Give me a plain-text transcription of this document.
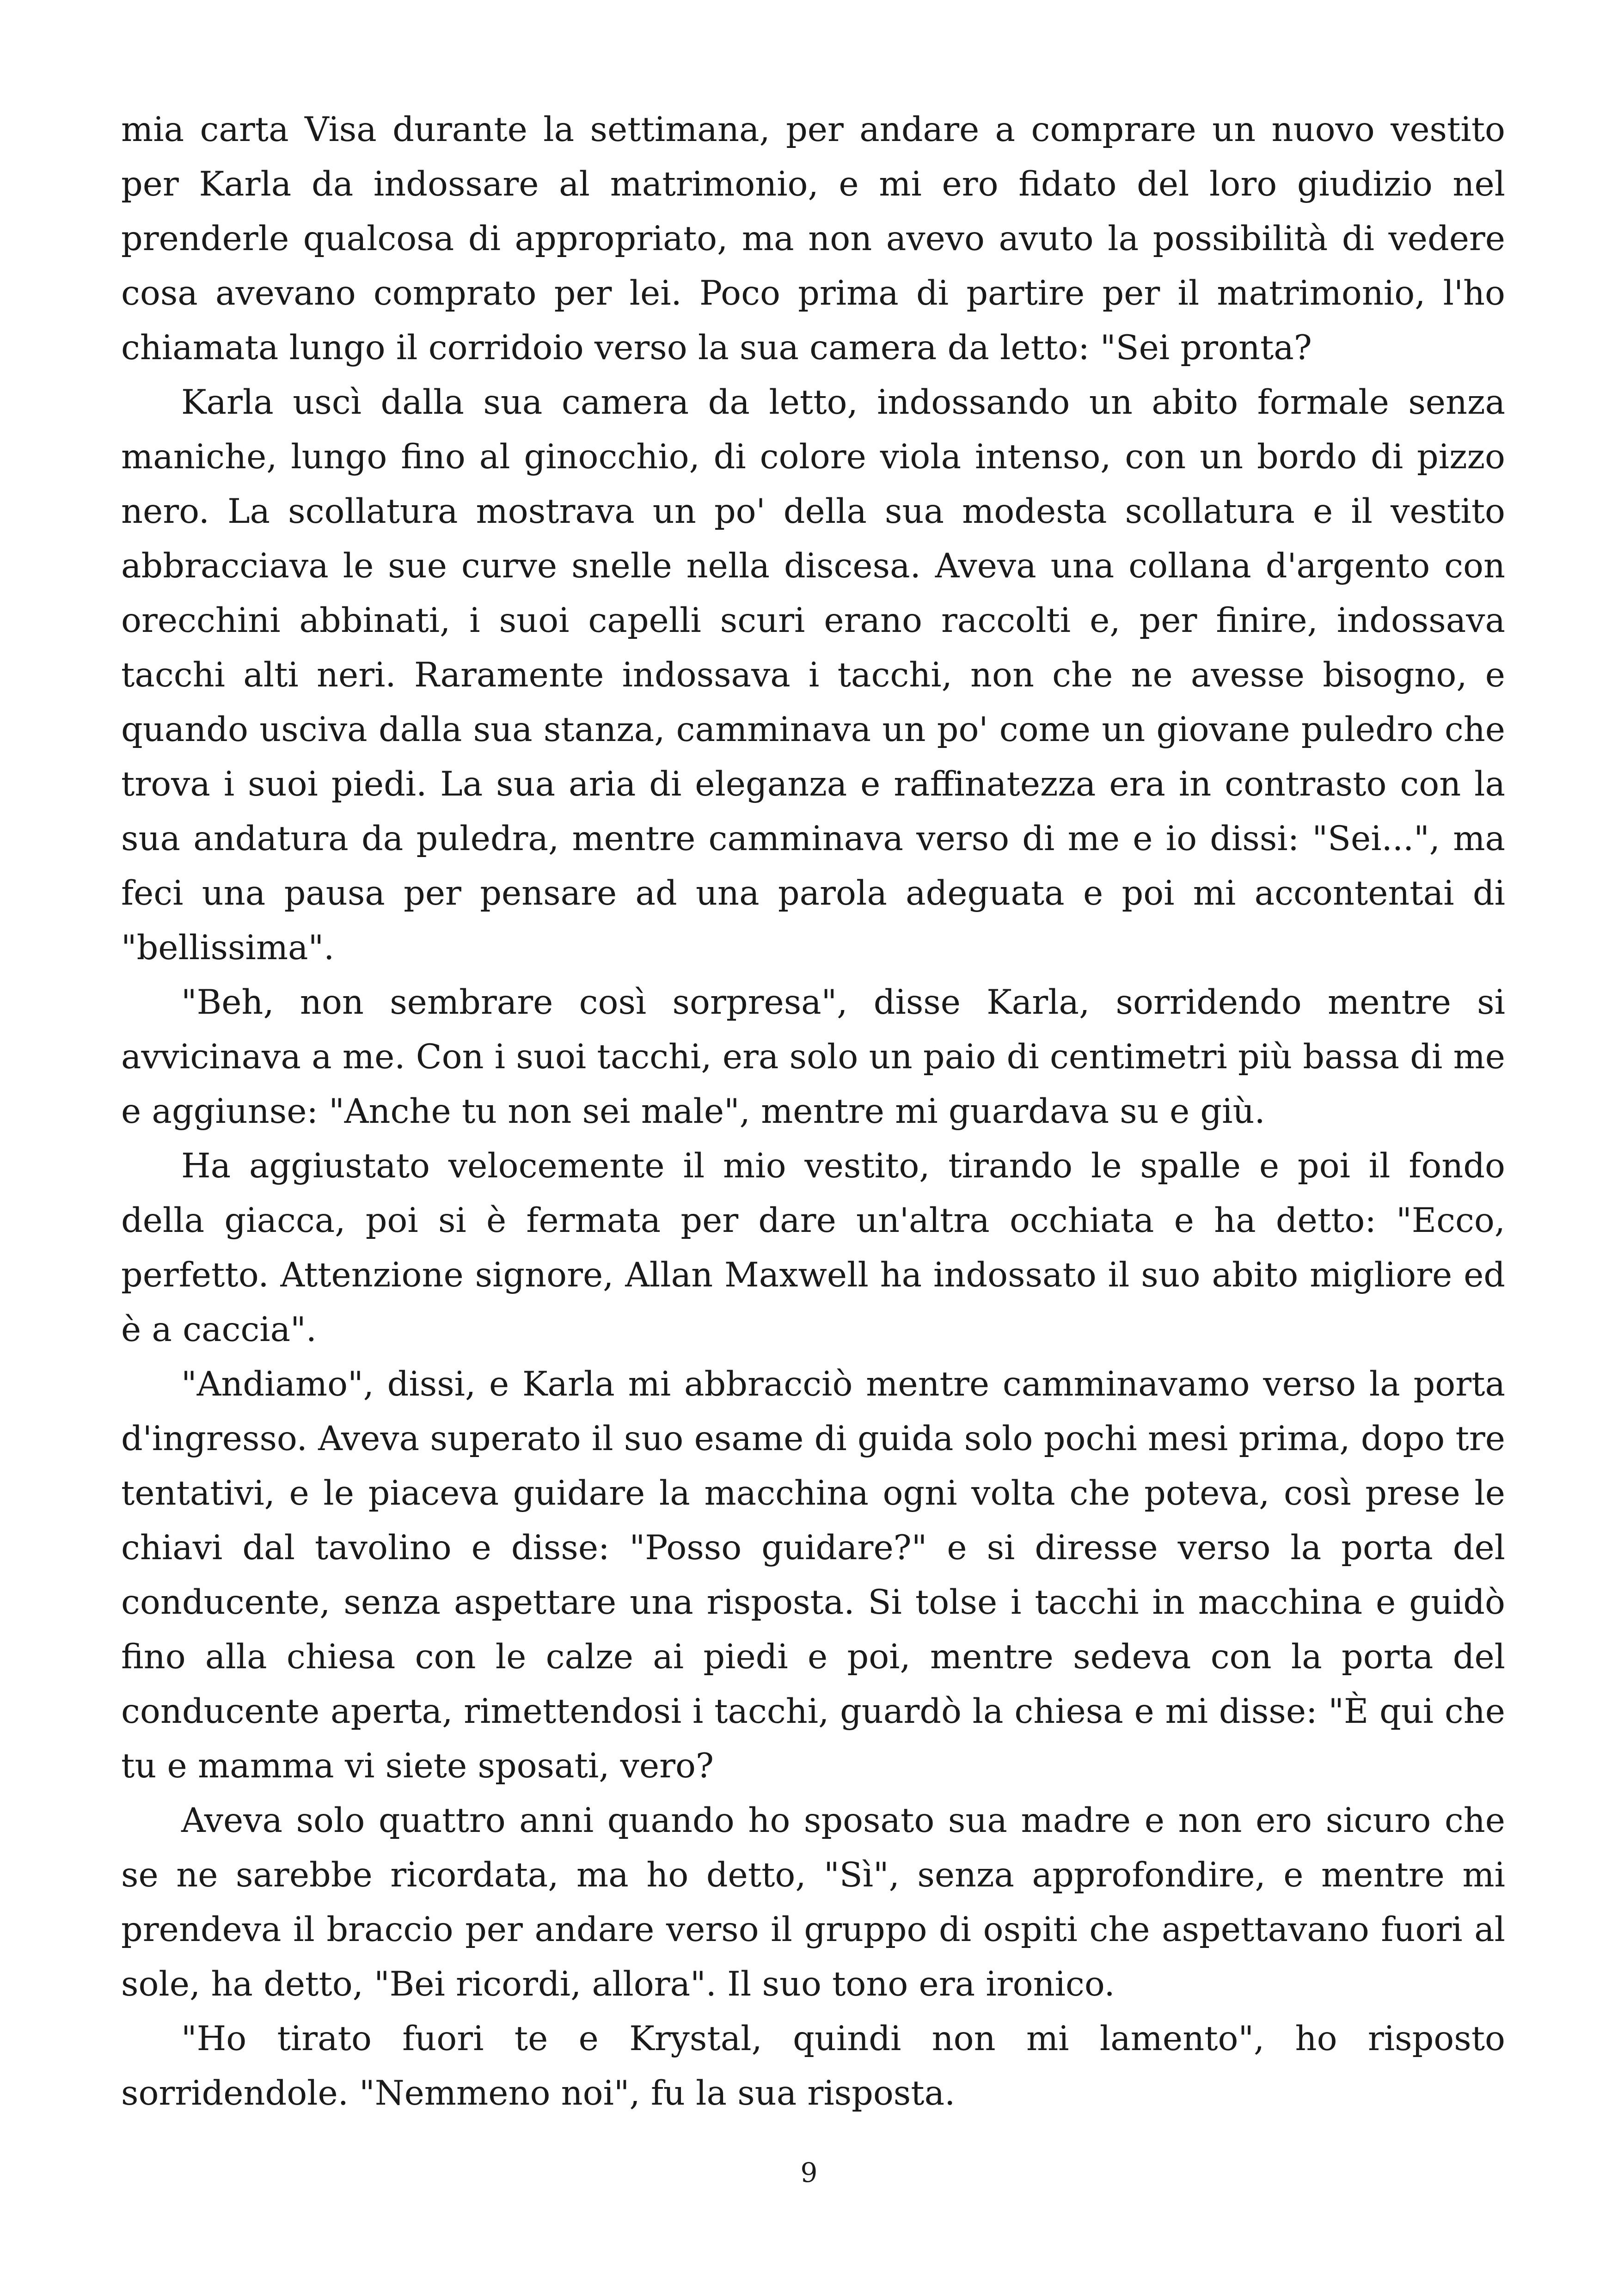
mia carta Visa durante la settimana, per andare a comprare un nuovo vestito per Karla da indossare al matrimonio, e mi ero fidato del loro giudizio nel prenderle qualcosa di appropriato, ma non avevo avuto la possibilità di vedere cosa avevano comprato per lei. Poco prima di partire per il matrimonio, l'ho chiamata lungo il corridoio verso la sua camera da letto: "Sei pronta?

Karla uscì dalla sua camera da letto, indossando un abito formale senza maniche, lungo fino al ginocchio, di colore viola intenso, con un bordo di pizzo nero. La scollatura mostrava un po' della sua modesta scollatura e il vestito abbracciava le sue curve snelle nella discesa. Aveva una collana d'argento con orecchini abbinati, i suoi capelli scuri erano raccolti e, per finire, indossava tacchi alti neri. Raramente indossava i tacchi, non che ne avesse bisogno, e quando usciva dalla sua stanza, camminava un po' come un giovane puledro che trova i suoi piedi. La sua aria di eleganza e raffinatezza era in contrasto con la sua andatura da puledra, mentre camminava verso di me e io dissi: "Sei...", ma feci una pausa per pensare ad una parola adeguata e poi mi accontentai di "bellissima".

"Beh, non sembrare così sorpresa", disse Karla, sorridendo mentre si avvicinava a me. Con i suoi tacchi, era solo un paio di centimetri più bassa di me e aggiunse: "Anche tu non sei male", mentre mi guardava su e giù.

Ha aggiustato velocemente il mio vestito, tirando le spalle e poi il fondo della giacca, poi si è fermata per dare un'altra occhiata e ha detto: "Ecco, perfetto. Attenzione signore, Allan Maxwell ha indossato il suo abito migliore ed è a caccia".

"Andiamo", dissi, e Karla mi abbracciò mentre camminavamo verso la porta d'ingresso. Aveva superato il suo esame di guida solo pochi mesi prima, dopo tre tentativi, e le piaceva guidare la macchina ogni volta che poteva, così prese le chiavi dal tavolino e disse: "Posso guidare?" e si diresse verso la porta del conducente, senza aspettare una risposta. Si tolse i tacchi in macchina e guidò fino alla chiesa con le calze ai piedi e poi, mentre sedeva con la porta del conducente aperta, rimettendosi i tacchi, guardò la chiesa e mi disse: "È qui che tu e mamma vi siete sposati, vero?

Aveva solo quattro anni quando ho sposato sua madre e non ero sicuro che se ne sarebbe ricordata, ma ho detto, "Sì", senza approfondire, e mentre mi prendeva il braccio per andare verso il gruppo di ospiti che aspettavano fuori al sole, ha detto, "Bei ricordi, allora". Il suo tono era ironico.

"Ho tirato fuori te e Krystal, quindi non mi lamento", ho risposto sorridendole. "Nemmeno noi", fu la sua risposta.

9
